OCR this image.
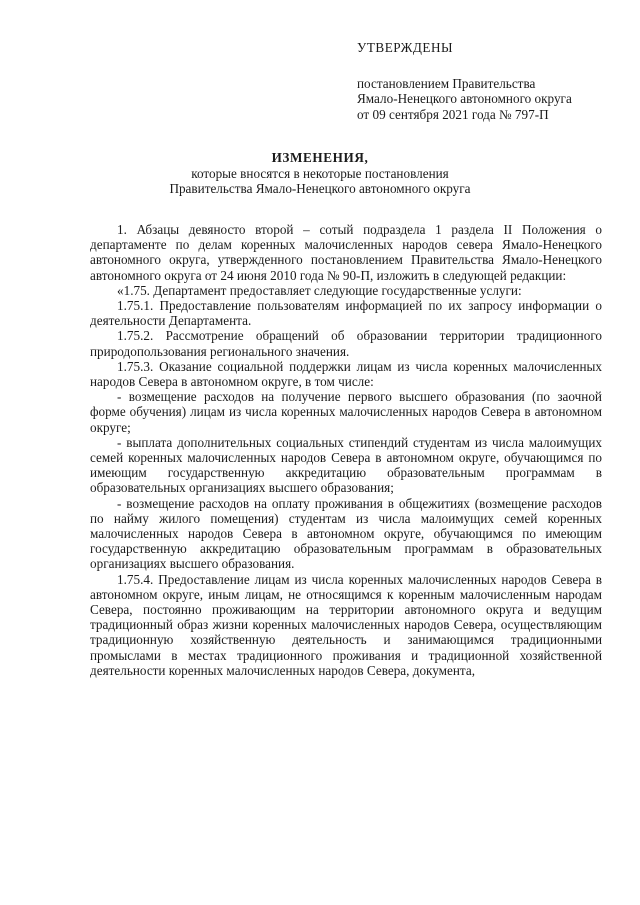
УТВЕРЖДЕНЫ
постановлением Правительства
Ямало-Ненецкого автономного округа
от 09 сентября 2021 года № 797-П
ИЗМЕНЕНИЯ,
которые вносятся в некоторые постановления
Правительства Ямало-Ненецкого автономного округа

1. Абзацы девяносто второй – сотый подраздела 1 раздела II Положения о департаменте по делам коренных малочисленных народов севера Ямало-Ненецкого автономного округа, утвержденного постановлением Правительства Ямало-Ненецкого автономного округа от 24 июня 2010 года № 90-П, изложить в следующей редакции:

«1.75. Департамент предоставляет следующие государственные услуги:

1.75.1. Предоставление пользователям информацией по их запросу информации о деятельности Департамента.

1.75.2. Рассмотрение обращений об образовании территории традиционного природопользования регионального значения.

1.75.3. Оказание социальной поддержки лицам из числа коренных малочисленных народов Севера в автономном округе, в том числе:

- возмещение расходов на получение первого высшего образования (по заочной форме обучения) лицам из числа коренных малочисленных народов Севера в автономном округе;

- выплата дополнительных социальных стипендий студентам из числа малоимущих семей коренных малочисленных народов Севера в автономном округе, обучающимся по имеющим государственную аккредитацию образовательным программам в образовательных организациях высшего образования;

- возмещение расходов на оплату проживания в общежитиях (возмещение расходов по найму жилого помещения) студентам из числа малоимущих семей коренных малочисленных народов Севера в автономном округе, обучающимся по имеющим государственную аккредитацию образовательным программам в образовательных организациях высшего образования.

1.75.4. Предоставление лицам из числа коренных малочисленных народов Севера в автономном округе, иным лицам, не относящимся к коренным малочисленным народам Севера, постоянно проживающим на территории автономного округа и ведущим традиционный образ жизни коренных малочисленных народов Севера, осуществляющим традиционную хозяйственную деятельность и занимающимся традиционными промыслами в местах традиционного проживания и традиционной хозяйственной деятельности коренных малочисленных народов Севера, документа,
